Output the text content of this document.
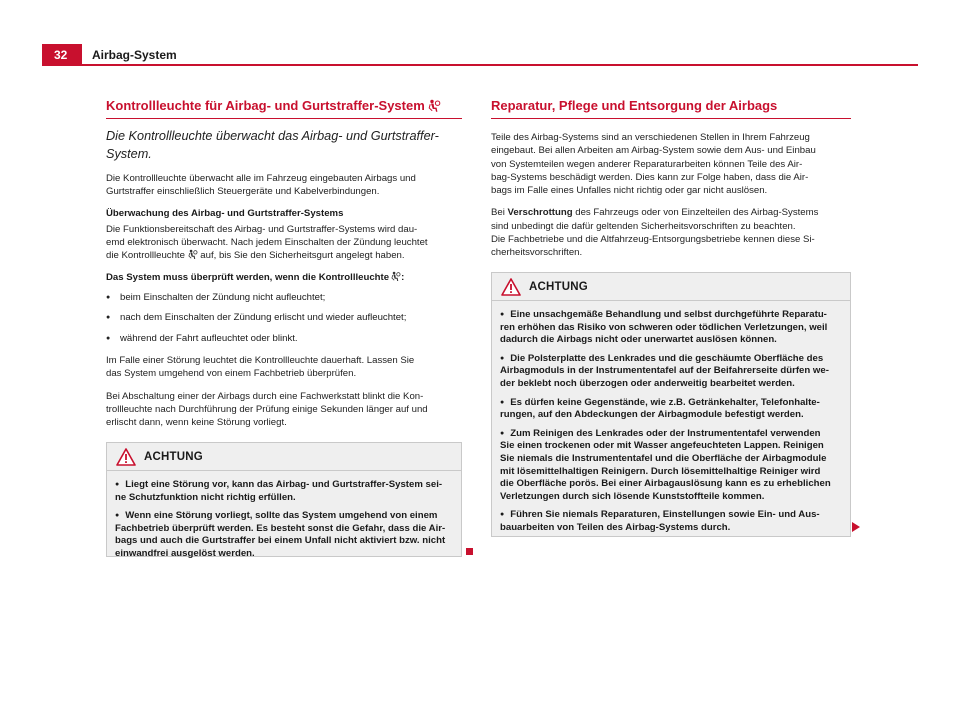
32	Airbag-System
Kontrollleuchte für Airbag- und Gurtstraffer-System
Die Kontrollleuchte überwacht das Airbag- und Gurtstraffer-
System.
Die Kontrollleuchte überwacht alle im Fahrzeug eingebauten Airbags und
Gurtstraffer einschließlich Steuergeräte und Kabelverbindungen.
Überwachung des Airbag- und Gurtstraffer-Systems
Die Funktionsbereitschaft des Airbag- und Gurtstraffer-Systems wird dau-
emd elektronisch überwacht. Nach jedem Einschalten der Zündung leuchtet
die Kontrollleuchte auf, bis Sie den Sicherheitsgurt angelegt haben.
Das System muss überprüft werden, wenn die Kontrollleuchte :
● beim Einschalten der Zündung nicht aufleuchtet;
● nach dem Einschalten der Zündung erlischt und wieder aufleuchtet;
● während der Fahrt aufleuchtet oder blinkt.
Im Falle einer Störung leuchtet die Kontrollleuchte dauerhaft. Lassen Sie
das System umgehend von einem Fachbetrieb überprüfen.
Bei Abschaltung einer der Airbags durch eine Fachwerkstatt blinkt die Kon-
trollleuchte nach Durchführung der Prüfung einige Sekunden länger auf und
erlischt dann, wenn keine Störung vorliegt.
ACHTUNG
● Liegt eine Störung vor, kann das Airbag- und Gurtstraffer-System sei-
ne Schutzfunktion nicht richtig erfüllen.
● Wenn eine Störung vorliegt, sollte das System umgehend von einem
Fachbetrieb überprüft werden. Es besteht sonst die Gefahr, dass die Air-
bags und auch die Gurtstraffer bei einem Unfall nicht aktiviert bzw. nicht
einwandfrei ausgelöst werden.
Reparatur, Pflege und Entsorgung der Airbags
Teile des Airbag-Systems sind an verschiedenen Stellen in Ihrem Fahrzeug
eingebaut. Bei allen Arbeiten am Airbag-System sowie dem Aus- und Einbau
von Systemteilen wegen anderer Reparaturarbeiten können Teile des Air-
bag-Systems beschädigt werden. Dies kann zur Folge haben, dass die Air-
bags im Falle eines Unfalles nicht richtig oder gar nicht auslösen.
Bei Verschrottung des Fahrzeugs oder von Einzelteilen des Airbag-Systems
sind unbedingt die dafür geltenden Sicherheitsvorschriften zu beachten.
Die Fachbetriebe und die Altfahrzeug-Entsorgungsbetriebe kennen diese Si-
cherheitsvorschriften.
ACHTUNG
● Eine unsachgemäße Behandlung und selbst durchgeführte Reparatu-
ren erhöhen das Risiko von schweren oder tödlichen Verletzungen, weil
dadurch die Airbags nicht oder unerwartet auslösen können.
● Die Polsterplatte des Lenkrades und die geschäumte Oberfläche des
Airbagmoduls in der Instrumententafel auf der Beifahrerseite dürfen we-
der beklebt noch überzogen oder anderweitig bearbeitet werden.
● Es dürfen keine Gegenstände, wie z.B. Getränkehalter, Telefonhalte-
rungen, auf den Abdeckungen der Airbagmodule befestigt werden.
● Zum Reinigen des Lenkrades oder der Instrumententafel verwenden
Sie einen trockenen oder mit Wasser angefeuchteten Lappen. Reinigen
Sie niemals die Instrumententafel und die Oberfläche der Airbagmodule
mit lösemittelhaltigen Reinigern. Durch lösemittelhaltige Reiniger wird
die Oberfläche porös. Bei einer Airbagauslösung kann es zu erheblichen
Verletzungen durch sich lösende Kunststoffteile kommen.
● Führen Sie niemals Reparaturen, Einstellungen sowie Ein- und Aus-
bauarbeiten von Teilen des Airbag-Systems durch.
